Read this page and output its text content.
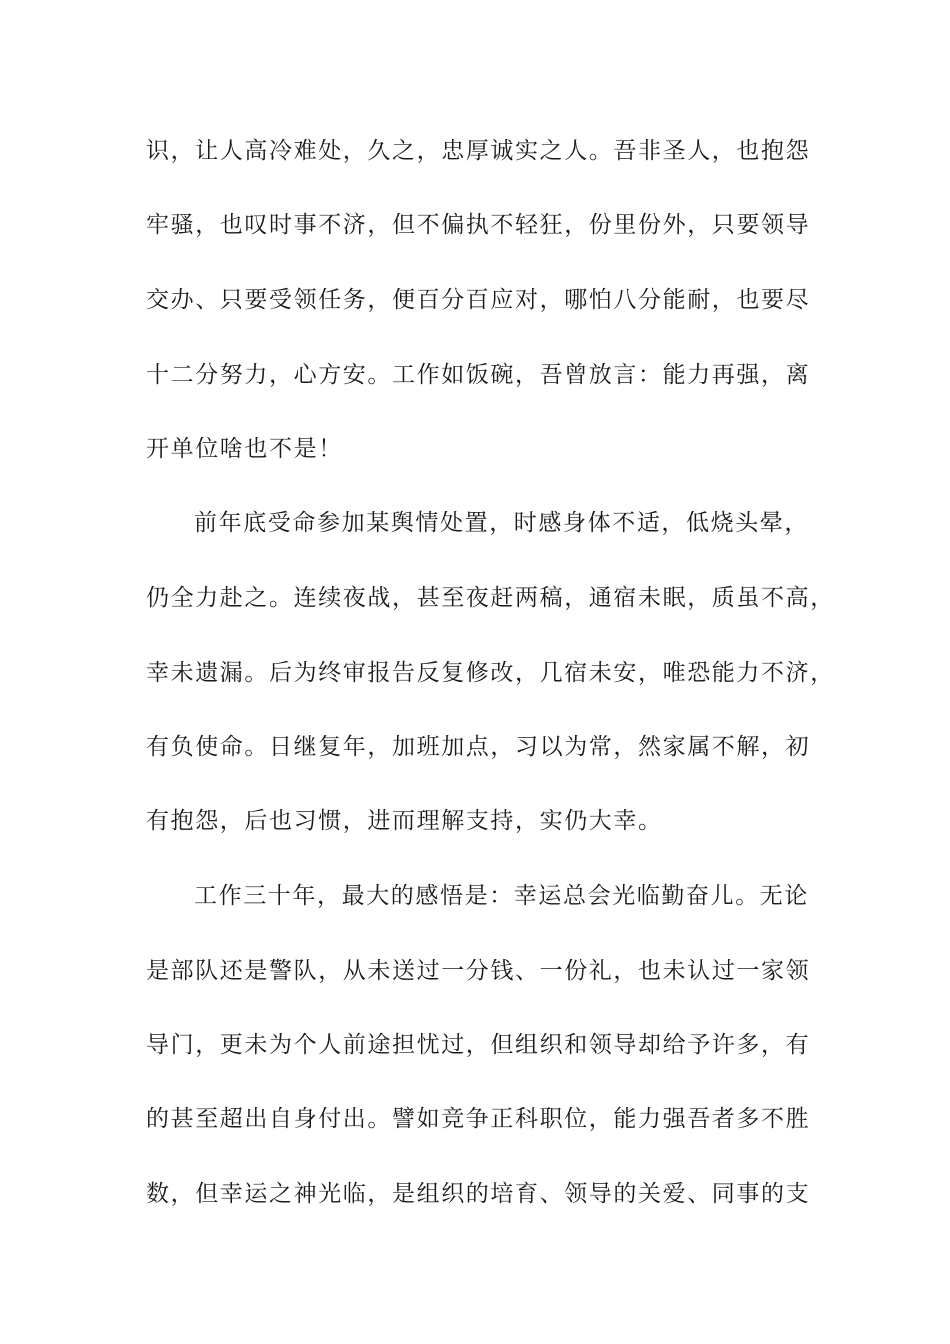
识，让人高冷难处，久之，忠厚诚实之人。吾非圣人，也抱怨
牢骚，也叹时事不济，但不偏执不轻狂，份里份外，只要领导
交办、只要受领任务，便百分百应对，哪怕八分能耐，也要尽
十二分努力，心方安。工作如饭碗，吾曾放言：能力再强，离
开单位啥也不是！
前年底受命参加某舆情处置，时感身体不适，低烧头晕，
仍全力赴之。连续夜战，甚至夜赶两稿，通宿未眠，质虽不高，
幸未遗漏。后为终审报告反复修改，几宿未安，唯恐能力不济，
有负使命。日继复年，加班加点，习以为常，然家属不解，初
有抱怨，后也习惯，进而理解支持，实仍大幸。
工作三十年，最大的感悟是：幸运总会光临勤奋儿。无论
是部队还是警队，从未送过一分钱、一份礼，也未认过一家领
导门，更未为个人前途担忧过，但组织和领导却给予许多，有
的甚至超出自身付出。譬如竞争正科职位，能力强吾者多不胜
数，但幸运之神光临，是组织的培育、领导的关爱、同事的支
